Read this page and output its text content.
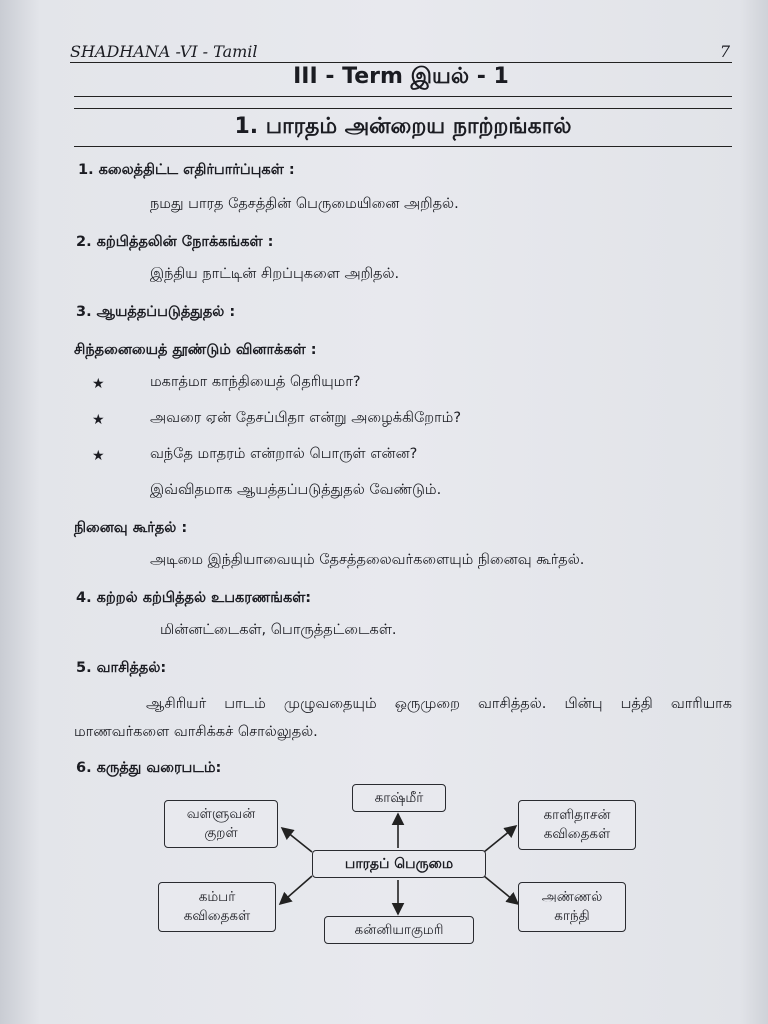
SHADHANA -VI - Tamil	7
III - Term இயல் - 1
1. பாரதம் அன்றைய நாற்றங்கால்
1. கலைத்திட்ட எதிர்பார்ப்புகள் :
நமது பாரத தேசத்தின் பெருமையினை அறிதல்.
2. கற்பித்தலின் நோக்கங்கள் :
இந்திய நாட்டின் சிறப்புகளை அறிதல்.
3. ஆயத்தப்படுத்துதல் :
சிந்தனையைத் தூண்டும் வினாக்கள் :
★	மகாத்மா காந்தியைத் தெரியுமா?
★	அவரை ஏன் தேசப்பிதா என்று அழைக்கிறோம்?
★	வந்தே மாதரம் என்றால் பொருள் என்ன?
இவ்விதமாக ஆயத்தப்படுத்துதல் வேண்டும்.
நினைவு கூர்தல் :
அடிமை இந்தியாவையும் தேசத்தலைவர்களையும் நினைவு கூர்தல்.
4. கற்றல் கற்பித்தல் உபகரணங்கள்:
மின்னட்டைகள், பொருத்தட்டைகள்.
5. வாசித்தல்:
ஆசிரியர் பாடம் முழுவதையும் ஒருமுறை வாசித்தல். பின்பு பத்தி வாரியாக மாணவர்களை வாசிக்கச் சொல்லுதல்.
6. கருத்து வரைபடம்:
காஷ்மீர்
வள்ளுவன்
குறள்
காளிதாசன்
கவிதைகள்
பாரதப் பெருமை
கம்பர்
கவிதைகள்
அண்ணல்
காந்தி
கன்னியாகுமரி
